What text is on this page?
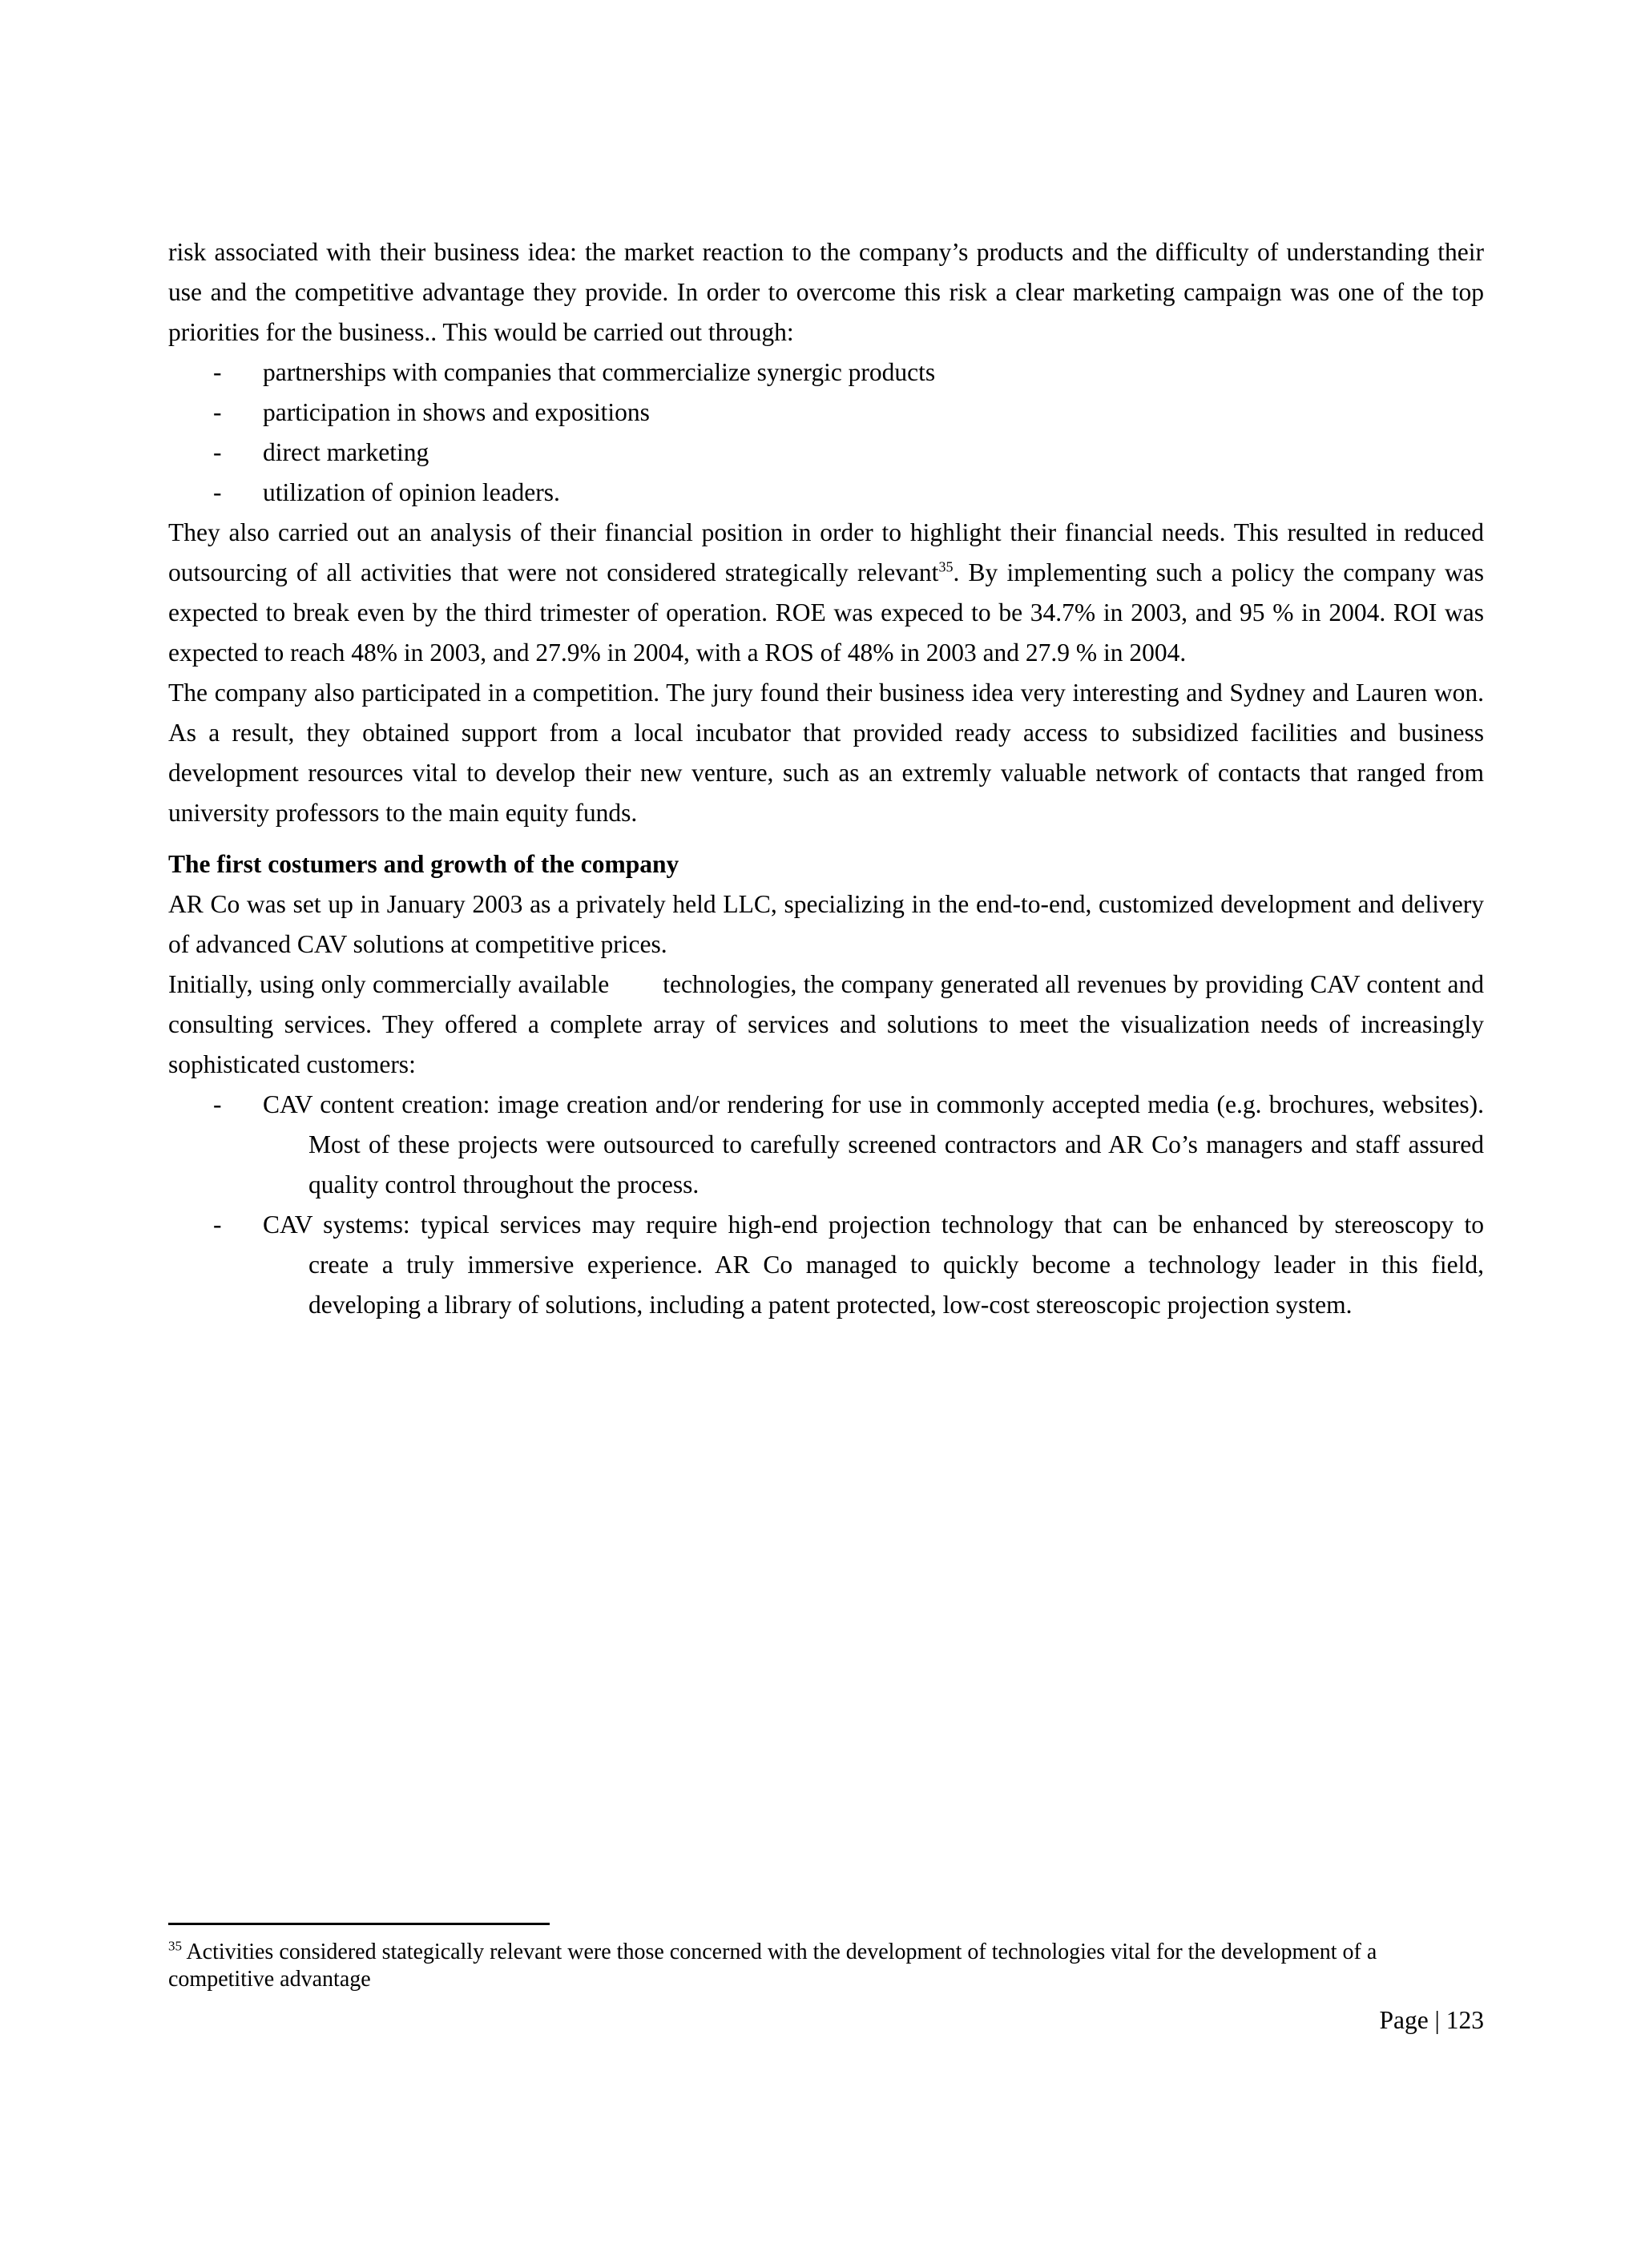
risk associated with their business idea: the market reaction to the company’s products and the difficulty of understanding their use and the competitive advantage they provide. In order to overcome this risk a clear marketing campaign was one of the top priorities for the business.. This would be carried out through:

- partnerships with companies that commercialize synergic products
- participation in shows and expositions
- direct marketing
- utilization of opinion leaders.

They also carried out an analysis of their financial position in order to highlight their financial needs. This resulted in reduced outsourcing of all activities that were not considered strategically relevant$^{35}$. By implementing such a policy the company was expected to break even by the third trimester of operation. ROE was expeced to be 34.7% in 2003, and 95 % in 2004. ROI was expected to reach 48% in 2003, and 27.9% in 2004, with a ROS of 48% in 2003 and 27.9 % in 2004.

The company also participated in a competition. The jury found their business idea very interesting and Sydney and Lauren won. As a result, they obtained support from a local incubator that provided ready access to subsidized facilities and business development resources vital to develop their new venture, such as an extremly valuable network of contacts that ranged from university professors to the main equity funds.

The first costumers and growth of the company

AR Co was set up in January 2003 as a privately held LLC, specializing in the end-to-end, customized development and delivery of advanced CAV solutions at competitive prices.

Initially, using only commercially available        technologies, the company generated all revenues by providing CAV content and consulting services. They offered a complete array of services and solutions to meet the visualization needs of increasingly sophisticated customers:

- CAV content creation: image creation and/or rendering for use in commonly accepted media (e.g. brochures, websites). Most of these projects were outsourced to carefully screened contractors and AR Co’s managers and staff assured quality control throughout the process.
- CAV systems: typical services may require high-end projection technology that can be enhanced by stereoscopy to create a truly immersive experience. AR Co managed to quickly become a technology leader in this field, developing a library of solutions, including a patent protected, low-cost stereoscopic projection system.
$^{35}$ Activities considered stategically relevant were those concerned with the development of technologies vital for the development of a competitive advantage
Page | 123
